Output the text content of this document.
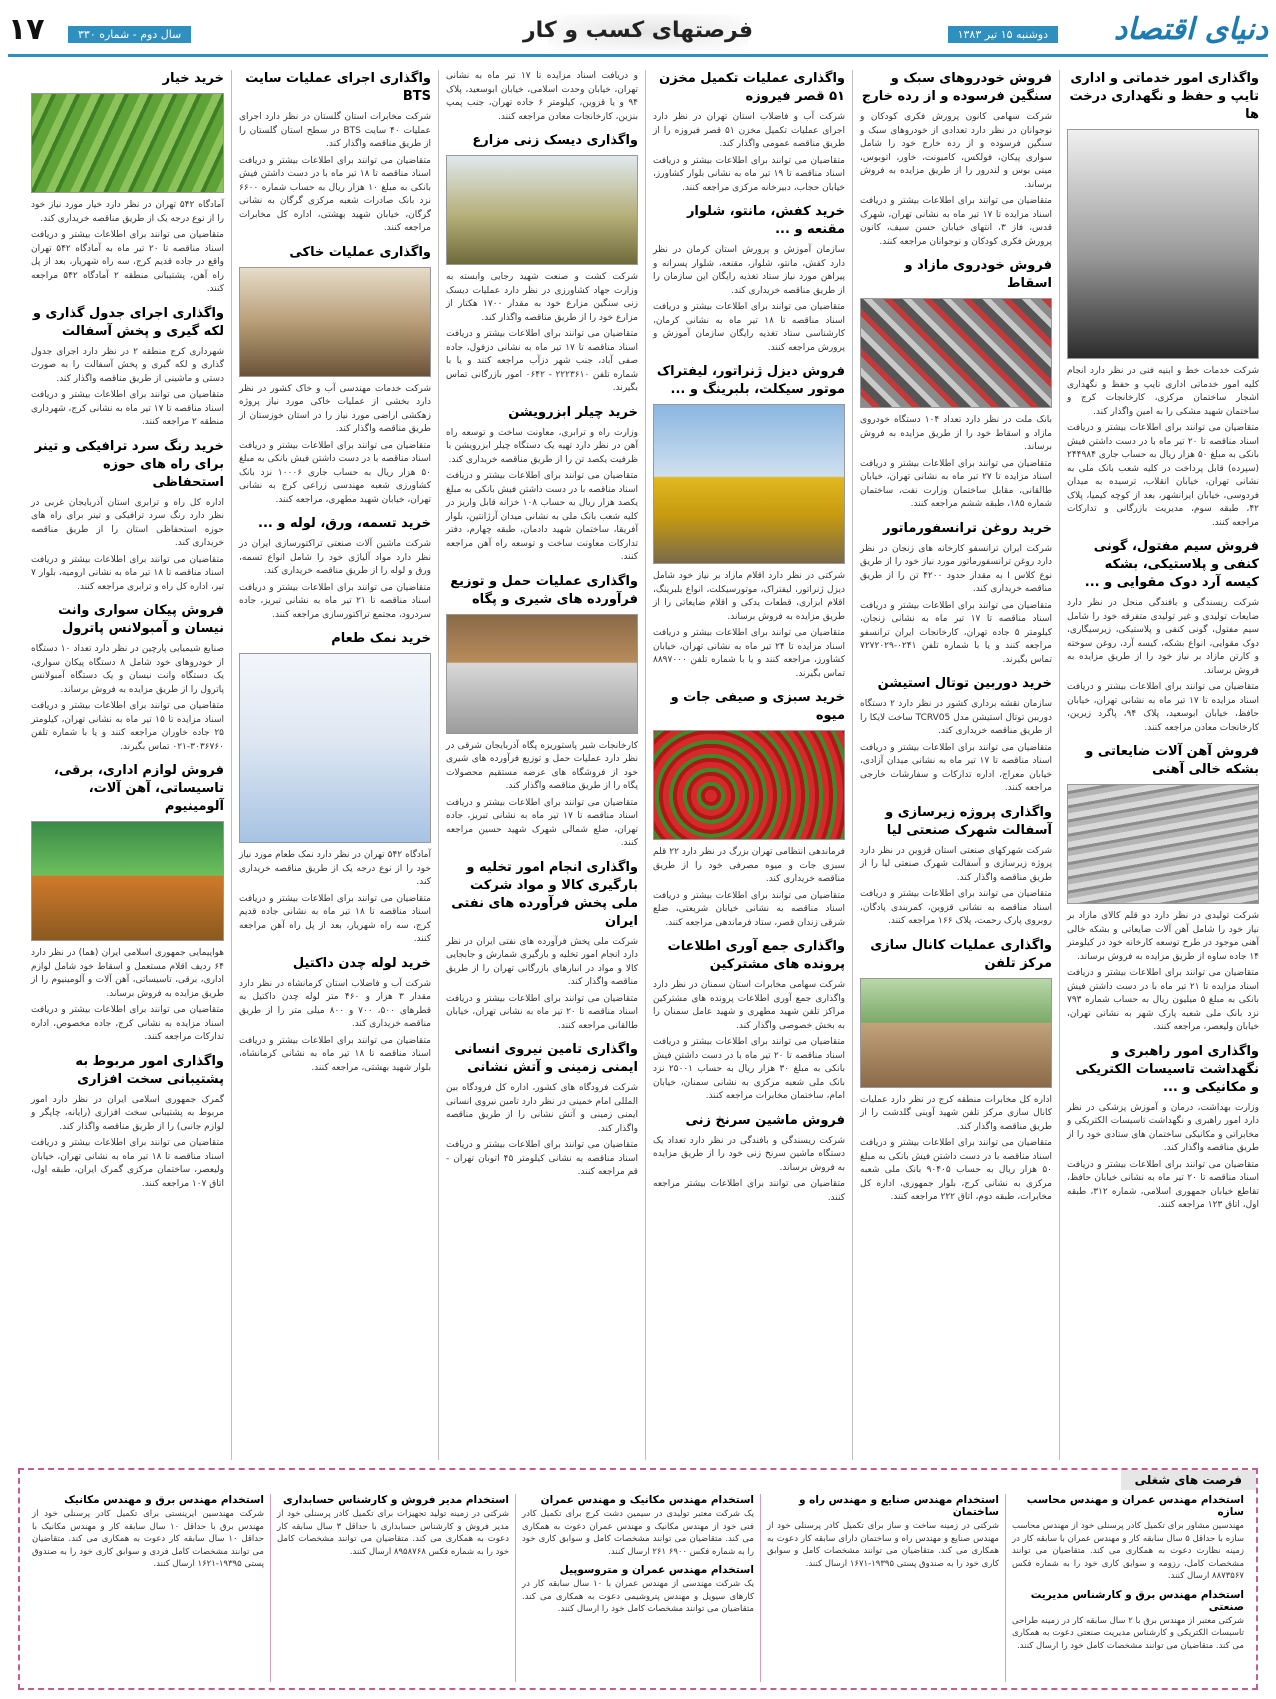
دنیای اقتصاد
دوشنبه ۱۵ تیر ۱۳۸۳
فرصتهای کسب و کار
سال دوم - شماره ۳۳۰
۱۷
واگذاری امور خدماتی و اداری تایپ و حفظ و نگهداری درخت ها

شرکت خدمات خط و ابنیه فنی در نظر دارد انجام کلیه امور خدماتی اداری تایپ و حفظ و نگهداری اشجار ساختمان مرکزی، کارخانجات کرج و ساختمان شهید مشکی را به امین واگذار کند.

متقاضیان می توانند برای اطلاعات بیشتر و دریافت اسناد مناقصه تا ۲۰ تیر ماه با در دست داشتن فیش بانکی به مبلغ ۵۰ هزار ریال به حساب جاری ۲۴۴۹۸۴ (سپرده) قابل پرداخت در کلیه شعب بانک ملی به نشانی تهران، خیابان انقلاب، ترسیده به میدان فردوسی، خیابان ایرانشهر، بعد از کوچه کیمیا، پلاک ۴۲، طبقه سوم، مدیریت بازرگانی و تدارکات مراجعه کنند.

فروش سیم مفتول، گونی کنفی و پلاستیکی، بشکه کیسه آرد دوک مقوایی و ...

شرکت ریسندگی و بافندگی منحل در نظر دارد ضایعات تولیدی و غیر تولیدی متفرقه خود را شامل سیم مفتول، گونی کنفی و پلاستیکی، زیرسیگاری، دوک مقوایی، انواع بشکه، کیسه آرد، روغن سوخته و کارتن مازاد بر نیاز خود را از طریق مزایده به فروش برساند.

متقاضیان می توانند برای اطلاعات بیشتر و دریافت اسناد مزایده تا ۱۷ تیر ماه به نشانی تهران، خیابان حافظ، خیابان ابوسعید، پلاک ۹۴، پاگرد زیرین، کارخانجات معادن مراجعه کنند.

فروش آهن آلات ضایعاتی و بشکه خالی آهنی

شرکت تولیدی در نظر دارد دو قلم کالای مازاد بر نیاز خود را شامل آهن آلات ضایعاتی و بشکه خالی آهنی موجود در طرح توسعه کارخانه خود در کیلومتر ۱۴ جاده ساوه از طریق مزایده به فروش برساند.

متقاضیان می توانند برای اطلاعات بیشتر و دریافت اسناد مزایده تا ۲۱ تیر ماه با در دست داشتن فیش بانکی به مبلغ ۵ میلیون ریال به حساب شماره ۷۹۳ نزد بانک ملی شعبه پارک شهر به نشانی تهران، خیابان ولیعصر، مراجعه کنند.

واگذاری امور راهبری و نگهداشت تاسیسات الکتریکی و مکانیکی و ...

وزارت بهداشت، درمان و آموزش پزشکی در نظر دارد امور راهبری و نگهداشت تاسیسات الکتریکی و مخابراتی و مکانیکی ساختمان های ستادی خود را از طریق مناقصه واگذار کند.

متقاضیان می توانند برای اطلاعات بیشتر و دریافت اسناد مناقصه تا ۲۰ تیر ماه به نشانی خیابان حافظ، تقاطع خیابان جمهوری اسلامی، شماره ۳۱۲، طبقه اول، اتاق ۱۲۳ مراجعه کنند.

فروش خودروهای سبک و سنگین فرسوده و از رده خارج

شرکت سهامی کانون پرورش فکری کودکان و نوجوانان در نظر دارد تعدادی از خودروهای سبک و سنگین فرسوده و از رده خارج خود را شامل سواری پیکان، فولکس، کامیونت، خاور، اتوبوس، مینی بوس و لندرور را از طریق مزایده به فروش برساند.

متقاضیان می توانند برای اطلاعات بیشتر و دریافت اسناد مزایده تا ۱۷ تیر ماه به نشانی تهران، شهرک قدس، فاز ۳، انتهای خیابان حسن سیف، کانون پرورش فکری کودکان و نوجوانان مراجعه کنند.

فروش خودروی مازاد و اسقاط

بانک ملت در نظر دارد تعداد ۱۰۴ دستگاه خودروی مازاد و اسقاط خود را از طریق مزایده به فروش برساند.

متقاضیان می توانند برای اطلاعات بیشتر و دریافت اسناد مزایده تا ۲۷ تیر ماه به نشانی تهران، خیابان طالقانی، مقابل ساختمان وزارت نفت، ساختمان شماره ۱۸۵، طبقه ششم مراجعه کنند.

خرید روغن ترانسفورماتور

شرکت ایران ترانسفو کارخانه های زنجان در نظر دارد روغن ترانسفورماتور مورد نیاز خود را از طریق نوع کلاس I به مقدار حدود ۴۲۰۰ تن را از طریق مناقصه خریداری کند.

متقاضیان می توانند برای اطلاعات بیشتر و دریافت اسناد مناقصه تا ۱۷ تیر ماه به نشانی زنجان، کیلومتر ۵ جاده تهران، کارخانجات ایران ترانسفو مراجعه کنند و یا با شماره تلفن ۰۲۴۱-۷۲۷۲۰۲۹ تماس بگیرند.

خرید دوربین توتال استیشن

سازمان نقشه برداری کشور در نظر دارد ۲ دستگاه دوربین توتال استیشن مدل TCRV05 ساخت لایکا را از طریق مناقصه خریداری کند.

متقاضیان می توانند برای اطلاعات بیشتر و دریافت اسناد مناقصه تا ۱۷ تیر ماه به نشانی میدان آزادی، خیابان معراج، اداره تدارکات و سفارشات خارجی مراجعه کنند.

واگذاری پروژه زیرسازی و آسفالت شهرک صنعتی لیا

شرکت شهرکهای صنعتی استان قزوین در نظر دارد پروژه زیرسازی و آسفالت شهرک صنعتی لیا را از طریق مناقصه واگذار کند.

متقاضیان می توانند برای اطلاعات بیشتر و دریافت اسناد مناقصه به نشانی قزوین، کمربندی پادگان، روبروی پارک رحمت، پلاک ۱۶۶ مراجعه کنند.

واگذاری عملیات کانال سازی مرکز تلفن

اداره کل مخابرات منطقه کرج در نظر دارد عملیات کانال سازی مرکز تلفن شهید آوینی گلدشت را از طریق مناقصه واگذار کند.

متقاضیان می توانند برای اطلاعات بیشتر و دریافت اسناد مناقصه با در دست داشتن فیش بانکی به مبلغ ۵۰ هزار ریال به حساب ۹۰۴۰۵ بانک ملی شعبه مرکزی به نشانی کرج، بلوار جمهوری، اداره کل مخابرات، طبقه دوم، اتاق ۲۲۲ مراجعه کنند.

واگذاری عملیات تکمیل مخزن ۵۱ قصر فیروزه

شرکت آب و فاضلاب استان تهران در نظر دارد اجرای عملیات تکمیل مخزن ۵۱ قصر فیروزه را از طریق مناقصه عمومی واگذار کند.

متقاضیان می توانند برای اطلاعات بیشتر و دریافت اسناد مناقصه تا ۱۹ تیر ماه به نشانی بلوار کشاورز، خیابان حجاب، دبیرخانه مرکزی مراجعه کنند.

خرید کفش، مانتو، شلوار مقنعه و ...

سازمان آموزش و پرورش استان کرمان در نظر دارد کفش، مانتو، شلوار، مقنعه، شلوار پسرانه و پیراهن مورد نیاز ستاد تغذیه رایگان این سازمان را از طریق مناقصه خریداری کند.

متقاضیان می توانند برای اطلاعات بیشتر و دریافت اسناد مناقصه تا ۱۸ تیر ماه به نشانی کرمان، کارشناسی ستاد تغذیه رایگان سازمان آموزش و پرورش مراجعه کنند.

فروش دیزل ژنراتور، لیفتراک موتور سیکلت، بلبرینگ و ...

شرکتی در نظر دارد اقلام مازاد بر نیاز خود شامل دیزل ژنراتور، لیفتراک، موتورسیکلت، انواع بلبرینگ، اقلام ابزاری، قطعات یدکی و اقلام ضایعاتی را از طریق مزایده به فروش برساند.

متقاضیان می توانند برای اطلاعات بیشتر و دریافت اسناد مزایده تا ۲۴ تیر ماه به نشانی تهران، خیابان کشاورز، مراجعه کنند و یا با شماره تلفن ۸۸۹۷۰۰۰ تماس بگیرند.

خرید سبزی و صیفی جات و میوه

فرماندهی انتظامی تهران بزرگ در نظر دارد ۲۲ قلم سبزی جات و میوه مصرفی خود را از طریق مناقصه خریداری کند.

متقاضیان می توانند برای اطلاعات بیشتر و دریافت اسناد مناقصه به نشانی خیابان شریعتی، ضلع شرقی زندان قصر، ستاد فرماندهی مراجعه کنند.

واگذاری جمع آوری اطلاعات پرونده های مشترکین

شرکت سهامی مخابرات استان سمنان در نظر دارد واگذاری جمع آوری اطلاعات پرونده های مشترکین مراکز تلفن شهید مطهری و شهید عامل سمنان را به بخش خصوصی واگذار کند.

متقاضیان می توانند برای اطلاعات بیشتر و دریافت اسناد مناقصه تا ۲۰ تیر ماه با در دست داشتن فیش بانکی به مبلغ ۳۰ هزار ریال به حساب ۲۵۰۰۱ نزد بانک ملی شعبه مرکزی به نشانی سمنان، خیابان امام، ساختمان مخابرات مراجعه کنند.

فروش ماشین سرنخ زنی

شرکت ریسندگی و بافندگی در نظر دارد تعداد یک دستگاه ماشین سرنخ زنی خود را از طریق مزایده به فروش برساند.

متقاضیان می توانند برای اطلاعات بیشتر مراجعه کنند.

و دریافت اسناد مزایده تا ۱۷ تیر ماه به نشانی تهران، خیابان وحدت اسلامی، خیابان ابوسعید، پلاک ۹۴ و یا قزوین، کیلومتر ۶ جاده تهران، جنب پمپ بنزین، کارخانجات معادن مراجعه کنند.

واگذاری دیسک زنی مزارع

شرکت کشت و صنعت شهید رجایی وابسته به وزارت جهاد کشاورزی در نظر دارد عملیات دیسک زنی سنگین مزارع خود به مقدار ۱۷۰۰ هکتار از مزارع خود را از طریق مناقصه واگذار کند.

متقاضیان می توانند برای اطلاعات بیشتر و دریافت اسناد مناقصه تا ۱۷ تیر ماه به نشانی دزفول، جاده صفی آباد، جنب شهر دزآب مراجعه کنند و یا با شماره تلفن ۲۲۲۳۶۱۰ - ۰۶۴۲ امور بازرگانی تماس بگیرند.

خرید چیلر ابزرویشن

وزارت راه و ترابری، معاونت ساخت و توسعه راه آهن در نظر دارد تهیه یک دستگاه چیلر ابزرویشن با ظرفیت یکصد تن را از طریق مناقصه خریداری کند.

متقاضیان می توانند برای اطلاعات بیشتر و دریافت اسناد مناقصه با در دست داشتن فیش بانکی به مبلغ یکصد هزار ریال به حساب ۱۰۸ خزانه قابل واریز در کلیه شعب بانک ملی به نشانی میدان آرژانتین، بلوار آفریقا، ساختمان شهید دادمان، طبقه چهارم، دفتر تدارکات معاونت ساخت و توسعه راه آهن مراجعه کنند.

واگذاری عملیات حمل و توزیع فرآورده های شیری و پگاه

کارخانجات شیر پاستوریزه پگاه آذربایجان شرقی در نظر دارد عملیات حمل و توزیع فرآورده های شیری خود از فروشگاه های عرضه مستقیم محصولات پگاه را از طریق مناقصه واگذار کند.

متقاضیان می توانند برای اطلاعات بیشتر و دریافت اسناد مناقصه تا ۱۷ تیر ماه به نشانی تبریز، جاده تهران، ضلع شمالی شهرک شهید حسین مراجعه کنند.

واگذاری انجام امور تخلیه و بارگیری کالا و مواد شرکت ملی پخش فرآورده های نفتی ایران

شرکت ملی پخش فرآورده های نفتی ایران در نظر دارد انجام امور تخلیه و بارگیری شمارش و جابجایی کالا و مواد در انبارهای بازرگانی تهران را از طریق مناقصه واگذار کند.

متقاضیان می توانند برای اطلاعات بیشتر و دریافت اسناد مناقصه تا ۲۰ تیر ماه به نشانی تهران، خیابان طالقانی مراجعه کنند.

واگذاری تامین نیروی انسانی ایمنی زمینی و آتش نشانی

شرکت فرودگاه های کشور، اداره کل فرودگاه بین المللی امام خمینی در نظر دارد تامین نیروی انسانی ایمنی زمینی و آتش نشانی را از طریق مناقصه واگذار کند.

متقاضیان می توانند برای اطلاعات بیشتر و دریافت اسناد مناقصه به نشانی کیلومتر ۴۵ اتوبان تهران - قم مراجعه کنند.

واگذاری اجرای عملیات سایت BTS

شرکت مخابرات استان گلستان در نظر دارد اجرای عملیات ۴۰ سایت BTS در سطح استان گلستان را از طریق مناقصه واگذار کند.

متقاضیان می توانند برای اطلاعات بیشتر و دریافت اسناد مناقصه تا ۱۸ تیر ماه با در دست داشتن فیش بانکی به مبلغ ۱۰ هزار ریال به حساب شماره ۶۶۰۰ نزد بانک صادرات شعبه مرکزی گرگان به نشانی گرگان، خیابان شهید بهشتی، اداره کل مخابرات مراجعه کنند.

واگذاری عملیات خاکی

شرکت خدمات مهندسی آب و خاک کشور در نظر دارد بخشی از عملیات خاکی مورد نیاز پروژه زهکشی اراضی مورد نیاز را در استان خوزستان از طریق مناقصه واگذار کند.

متقاضیان می توانند برای اطلاعات بیشتر و دریافت اسناد مناقصه با در دست داشتن فیش بانکی به مبلغ ۵۰ هزار ریال به حساب جاری ۱۰۰۰۶ نزد بانک کشاورزی شعبه مهندسی زراعی کرج به نشانی تهران، خیابان شهید مطهری، مراجعه کنند.

خرید تسمه، ورق، لوله و ...

شرکت ماشین آلات صنعتی تراکتورسازی ایران در نظر دارد مواد آلیاژی خود را شامل انواع تسمه، ورق و لوله را از طریق مناقصه خریداری کند.

متقاضیان می توانند برای اطلاعات بیشتر و دریافت اسناد مناقصه تا ۲۱ تیر ماه به نشانی تبریز، جاده سردرود، مجتمع تراکتورسازی مراجعه کنند.

خرید نمک طعام

آمادگاه ۵۴۲ تهران در نظر دارد نمک طعام مورد نیاز خود را از نوع درجه یک از طریق مناقصه خریداری کند.

متقاضیان می توانند برای اطلاعات بیشتر و دریافت اسناد مناقصه تا ۱۸ تیر ماه به نشانی جاده قدیم کرج، سه راه شهریار، بعد از پل راه آهن مراجعه کنند.

خرید لوله چدن داکتیل

شرکت آب و فاضلاب استان کرمانشاه در نظر دارد مقدار ۳ هزار و ۴۶۰ متر لوله چدن داکتیل به قطرهای ۵۰۰، ۷۰۰ و ۸۰۰ میلی متر را از طریق مناقصه خریداری کند.

متقاضیان می توانند برای اطلاعات بیشتر و دریافت اسناد مناقصه تا ۱۸ تیر ماه به نشانی کرمانشاه، بلوار شهید بهشتی، مراجعه کنند.

خرید خیار

آمادگاه ۵۴۲ تهران در نظر دارد خیار مورد نیاز خود را از نوع درجه یک از طریق مناقصه خریداری کند.

متقاضیان می توانند برای اطلاعات بیشتر و دریافت اسناد مناقصه تا ۲۰ تیر ماه به آمادگاه ۵۴۲ تهران واقع در جاده قدیم کرج، سه راه شهریار، بعد از پل راه آهن، پشتیبانی منطقه ۲ آمادگاه ۵۴۲ مراجعه کنند.

واگذاری اجرای جدول گذاری و لکه گیری و پخش آسفالت

شهرداری کرج منطقه ۲ در نظر دارد اجرای جدول گذاری و لکه گیری و پخش آسفالت را به صورت دستی و ماشینی از طریق مناقصه واگذار کند.

متقاضیان می توانند برای اطلاعات بیشتر و دریافت اسناد مناقصه تا ۱۷ تیر ماه به نشانی کرج، شهرداری منطقه ۲ مراجعه کنند.

خرید رنگ سرد ترافیکی و تینر برای راه های حوزه استحفاظی

اداره کل راه و ترابری استان آذربایجان غربی در نظر دارد رنگ سرد ترافیکی و تینر برای راه های حوزه استحفاظی استان را از طریق مناقصه خریداری کند.

متقاضیان می توانند برای اطلاعات بیشتر و دریافت اسناد مناقصه تا ۱۸ تیر ماه به نشانی ارومیه، بلوار ۷ تیر، اداره کل راه و ترابری مراجعه کنند.

فروش پیکان سواری وانت نیسان و آمبولانس پاترول

صنایع شیمیایی پارچین در نظر دارد تعداد ۱۰ دستگاه از خودروهای خود شامل ۸ دستگاه پیکان سواری، یک دستگاه وانت نیسان و یک دستگاه آمبولانس پاترول را از طریق مزایده به فروش برساند.

متقاضیان می توانند برای اطلاعات بیشتر و دریافت اسناد مزایده تا ۱۵ تیر ماه به نشانی تهران، کیلومتر ۲۵ جاده خاوران مراجعه کنند و یا با شماره تلفن ۳۰۳۶۷۶۰-۰۲۱ تماس بگیرند.

فروش لوازم اداری، برقی، تاسیساتی، آهن آلات، آلومینیوم

هواپیمایی جمهوری اسلامی ایران (هما) در نظر دارد ۶۴ ردیف اقلام مستعمل و اسقاط خود شامل لوازم اداری، برقی، تاسیساتی، آهن آلات و آلومینیوم را از طریق مزایده به فروش برساند.

متقاضیان می توانند برای اطلاعات بیشتر و دریافت اسناد مزایده به نشانی کرج، جاده مخصوص، اداره تدارکات مراجعه کنند.

واگذاری امور مربوط به پشتیبانی سخت افزاری

گمرک جمهوری اسلامی ایران در نظر دارد امور مربوط به پشتیبانی سخت افزاری (رایانه، چاپگر و لوازم جانبی) را از طریق مناقصه واگذار کند.

متقاضیان می توانند برای اطلاعات بیشتر و دریافت اسناد مناقصه تا ۱۸ تیر ماه به نشانی تهران، خیابان ولیعصر، ساختمان مرکزی گمرک ایران، طبقه اول، اتاق ۱۰۷ مراجعه کنند.

فرصت های شغلی
استخدام مهندس عمران و مهندس محاسب سازه

مهندسین مشاور برای تکمیل کادر پرسنلی خود از مهندس محاسب سازه با حداقل ۵ سال سابقه کار و مهندس عمران با سابقه کار در زمینه نظارت دعوت به همکاری می کند. متقاضیان می توانند مشخصات کامل، رزومه و سوابق کاری خود را به شماره فکس ۸۸۷۳۵۶۷ ارسال کنند.

استخدام مهندس برق و کارشناس مدیریت صنعتی

شرکتی معتبر از مهندس برق با ۲ سال سابقه کار در زمینه طراحی تاسیسات الکتریکی و کارشناس مدیریت صنعتی دعوت به همکاری می کند. متقاضیان می توانند مشخصات کامل خود را ارسال کنند.

استخدام مهندس صنایع و مهندس راه و ساختمان

شرکتی در زمینه ساخت و ساز برای تکمیل کادر پرسنلی خود از مهندس صنایع و مهندس راه و ساختمان دارای سابقه کار دعوت به همکاری می کند. متقاضیان می توانند مشخصات کامل و سوابق کاری خود را به صندوق پستی ۱۹۳۹۵-۱۶۷۱ ارسال کنند.

استخدام مهندس مکانیک و مهندس عمران

یک شرکت معتبر تولیدی در سیمین دشت کرج برای تکمیل کادر فنی خود از مهندس مکانیک و مهندس عمران دعوت به همکاری می کند. متقاضیان می توانند مشخصات کامل و سوابق کاری خود را به شماره فکس ۶۹۰۰ ۲۶۱ ارسال کنند.

استخدام مهندس عمران و متروسوپیل

یک شرکت مهندسی از مهندس عمران با ۱۰ سال سابقه کار در کارهای سیویل و مهندس پتروشیمی دعوت به همکاری می کند. متقاضیان می توانند مشخصات کامل خود را ارسال کنند.

استخدام مدیر فروش و کارشناس حسابداری

شرکتی در زمینه تولید تجهیزات برای تکمیل کادر پرسنلی خود از مدیر فروش و کارشناس حسابداری با حداقل ۳ سال سابقه کار دعوت به همکاری می کند. متقاضیان می توانند مشخصات کامل خود را به شماره فکس ۸۹۵۸۷۶۸ ارسال کنند.

استخدام مهندس برق و مهندس مکانیک

شرکت مهندسین ایرینستی برای تکمیل کادر پرسنلی خود از مهندس برق با حداقل ۱۰ سال سابقه کار و مهندس مکانیک با حداقل ۱۰ سال سابقه کار دعوت به همکاری می کند. متقاضیان می توانند مشخصات کامل فردی و سوابق کاری خود را به صندوق پستی ۱۹۳۹۵-۱۶۲۱ ارسال کنند.
